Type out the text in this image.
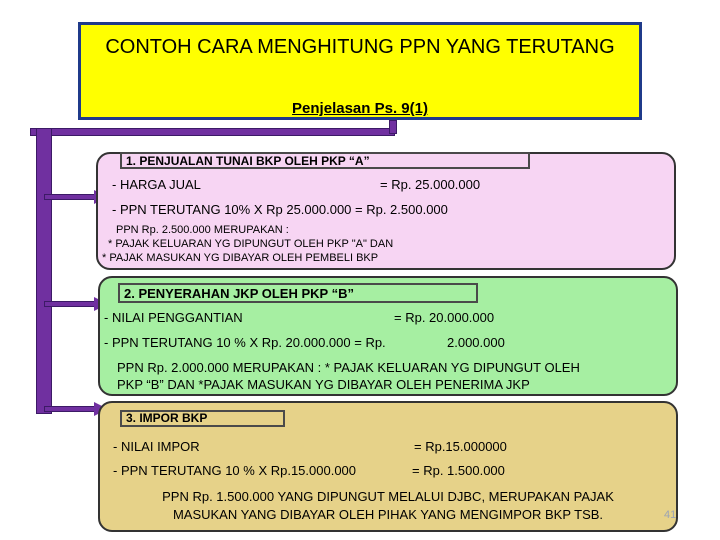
CONTOH CARA MENGHITUNG PPN YANG TERUTANG
Penjelasan Ps. 9(1)
1. PENJUALAN TUNAI BKP OLEH PKP “A”
- HARGA JUAL	= Rp. 25.000.000
- PPN TERUTANG 10% X Rp 25.000.000 = Rp. 2.500.000
PPN Rp. 2.500.000 MERUPAKAN :
* PAJAK KELUARAN YG DIPUNGUT OLEH PKP "A" DAN
* PAJAK MASUKAN YG DIBAYAR OLEH PEMBELI BKP
2. PENYERAHAN JKP OLEH PKP “B”
- NILAI PENGGANTIAN	= Rp. 20.000.000
- PPN TERUTANG 10 % X Rp. 20.000.000 = Rp.	2.000.000
PPN Rp. 2.000.000 MERUPAKAN : * PAJAK KELUARAN YG DIPUNGUT OLEH
PKP “B” DAN *PAJAK MASUKAN YG DIBAYAR OLEH PENERIMA JKP
3. IMPOR BKP
- NILAI IMPOR	= Rp.15.000000
- PPN TERUTANG 10 % X Rp.15.000.000	= Rp. 1.500.000
PPN Rp. 1.500.000 YANG DIPUNGUT MELALUI DJBC, MERUPAKAN PAJAK
MASUKAN YANG DIBAYAR OLEH PIHAK YANG MENGIMPOR BKP TSB.	41
